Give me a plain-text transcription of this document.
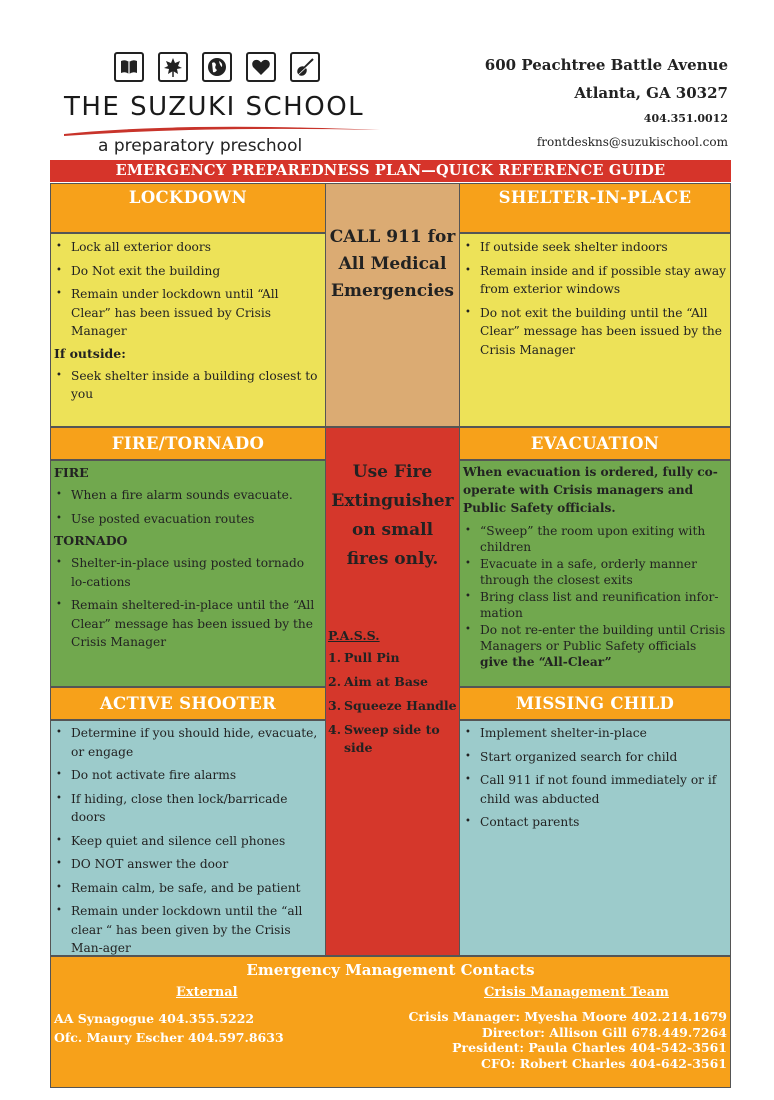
THE SUZUKI SCHOOL
a preparatory preschool
600 Peachtree Battle Avenue
Atlanta, GA 30327
404.351.0012
frontdeskns@suzukischool.com
EMERGENCY PREPAREDNESS PLAN—QUICK REFERENCE GUIDE
LOCKDOWN
• Lock all exterior doors
• Do Not exit the building
• Remain under lockdown until “All Clear” has been issued by Crisis Manager
If outside:
• Seek shelter inside a building closest to you
CALL 911 for
All Medical
Emergencies
SHELTER-IN-PLACE
• If outside seek shelter indoors
• Remain inside and if possible stay away from exterior windows
• Do not exit the building until the “All Clear” message has been issued by the Crisis Manager
FIRE/TORNADO
FIRE
• When a fire alarm sounds evacuate.
• Use posted evacuation routes
TORNADO
• Shelter-in-place using posted tornado lo-cations
• Remain sheltered-in-place until the “All Clear” message has been issued by the Crisis Manager
Use Fire
Extinguisher
on small
fires only.
P.A.S.S.
1. Pull Pin
2. Aim at Base
3. Squeeze Handle
4. Sweep side to side
EVACUATION
When evacuation is ordered, fully co-operate with Crisis managers and Public Safety officials.
• “Sweep” the room upon exiting with children
• Evacuate in a safe, orderly manner through the closest exits
• Bring class list and reunification infor-mation
• Do not re-enter the building until Crisis Managers or Public Safety officials give the “All-Clear”
ACTIVE SHOOTER
• Determine if you should hide, evacuate, or engage
• Do not activate fire alarms
• If hiding, close then lock/barricade doors
• Keep quiet and silence cell phones
• DO NOT answer the door
• Remain calm, be safe, and be patient
• Remain under lockdown until the “all clear “ has been given by the Crisis Man-ager
MISSING CHILD
• Implement shelter-in-place
• Start organized search for child
• Call 911 if not found immediately or if child was abducted
• Contact parents
Emergency Management Contacts
External	Crisis Management Team
AA Synagogue 404.355.5222
Ofc. Maury Escher 404.597.8633
Crisis Manager: Myesha Moore 402.214.1679
Director: Allison Gill 678.449.7264
President: Paula Charles 404-542-3561
CFO: Robert Charles 404-642-3561
